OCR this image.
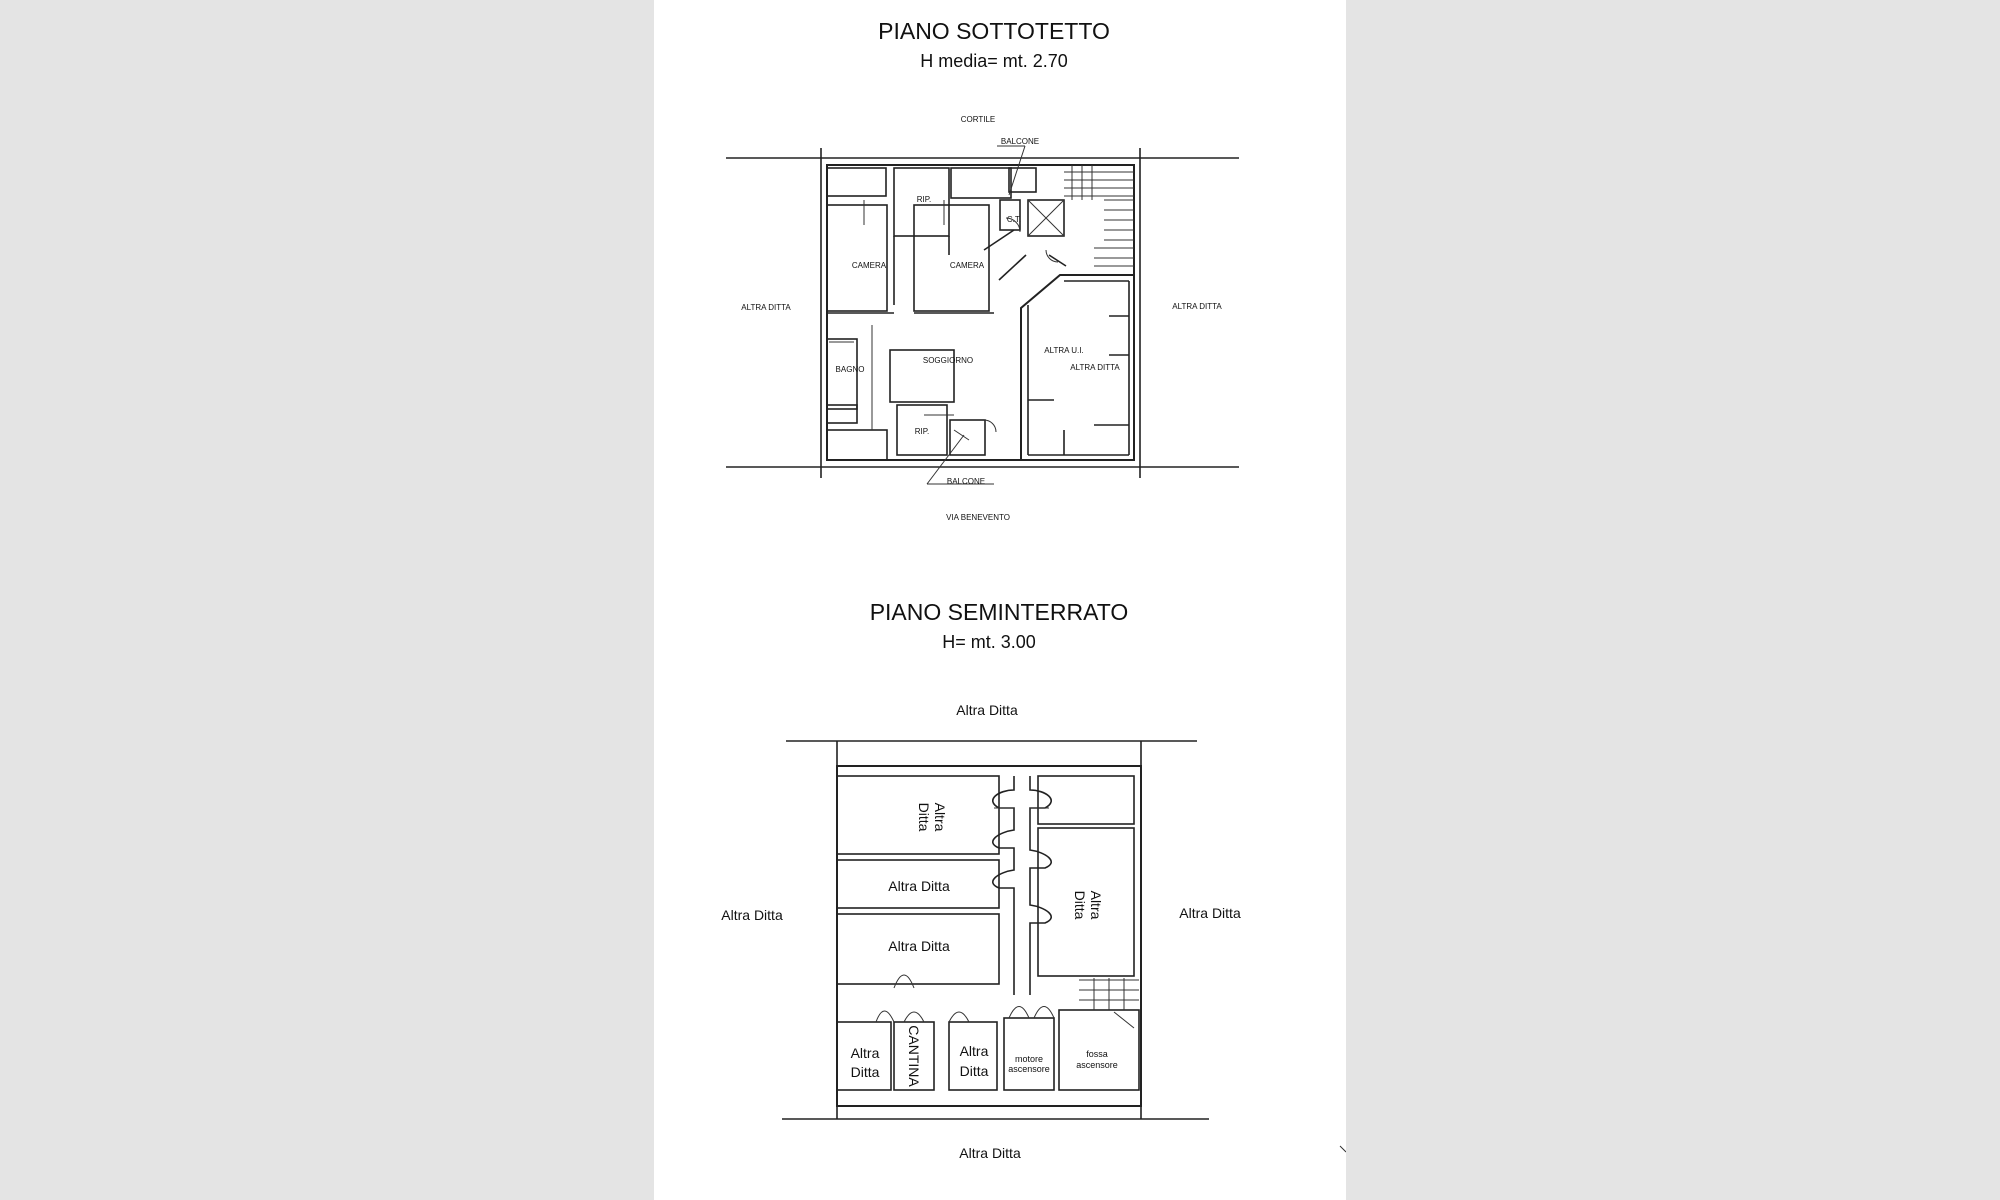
PIANO SOTTOTETTO
H media= mt. 2.70
CORTILE
BALCONE
RIP.
C.T.
CAMERA	CAMERA
ALTRA DITTA	ALTRA DITTA
ALTRA U.I.
ALTRA DITTA
BAGNO
SOGGIORNO
RIP.
BALCONE
VIA BENEVENTO
PIANO SEMINTERRATO
H= mt. 3.00
Altra Ditta
Altra Ditta	Altra Ditta
Altra Ditta
Altra
Ditta
Altra Ditta
Altra Ditta
Altra
Ditta
Altra
Ditta CANTINA	Altra
Ditta
motore
ascensore
fossa
ascensore
